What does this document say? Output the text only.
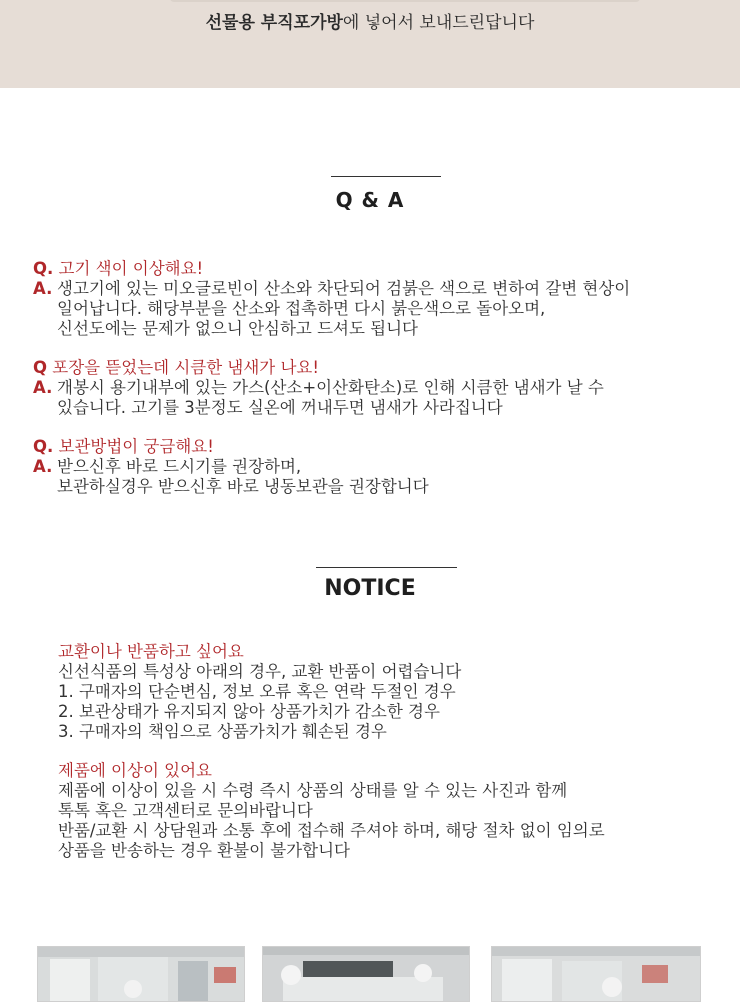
선물용 부직포가방에 넣어서 보내드린답니다
Q & A
Q. 고기 색이 이상해요!
A. 생고기에 있는 미오글로빈이 산소와 차단되어 검붉은 색으로 변하여 갈변 현상이
일어납니다. 해당부분을 산소와 접촉하면 다시 붉은색으로 돌아오며,
신선도에는 문제가 없으니 안심하고 드셔도 됩니다
Q 포장을 뜯었는데 시큼한 냄새가 나요!
A. 개봉시 용기내부에 있는 가스(산소+이산화탄소)로 인해 시큼한 냄새가 날 수
있습니다. 고기를 3분정도 실온에 꺼내두면 냄새가 사라집니다
Q. 보관방법이 궁금해요!
A. 받으신후 바로 드시기를 권장하며,
보관하실경우 받으신후 바로 냉동보관을 권장합니다
NOTICE
교환이나 반품하고 싶어요
신선식품의 특성상 아래의 경우, 교환 반품이 어렵습니다
1. 구매자의 단순변심, 정보 오류 혹은 연락 두절인 경우
2. 보관상태가 유지되지 않아 상품가치가 감소한 경우
3. 구매자의 책임으로 상품가치가 훼손된 경우
제품에 이상이 있어요
제품에 이상이 있을 시 수령 즉시 상품의 상태를 알 수 있는 사진과 함께
톡톡 혹은 고객센터로 문의바랍니다
반품/교환 시 상담원과 소통 후에 접수해 주셔야 하며, 해당 절차 없이 임의로
상품을 반송하는 경우 환불이 불가합니다
